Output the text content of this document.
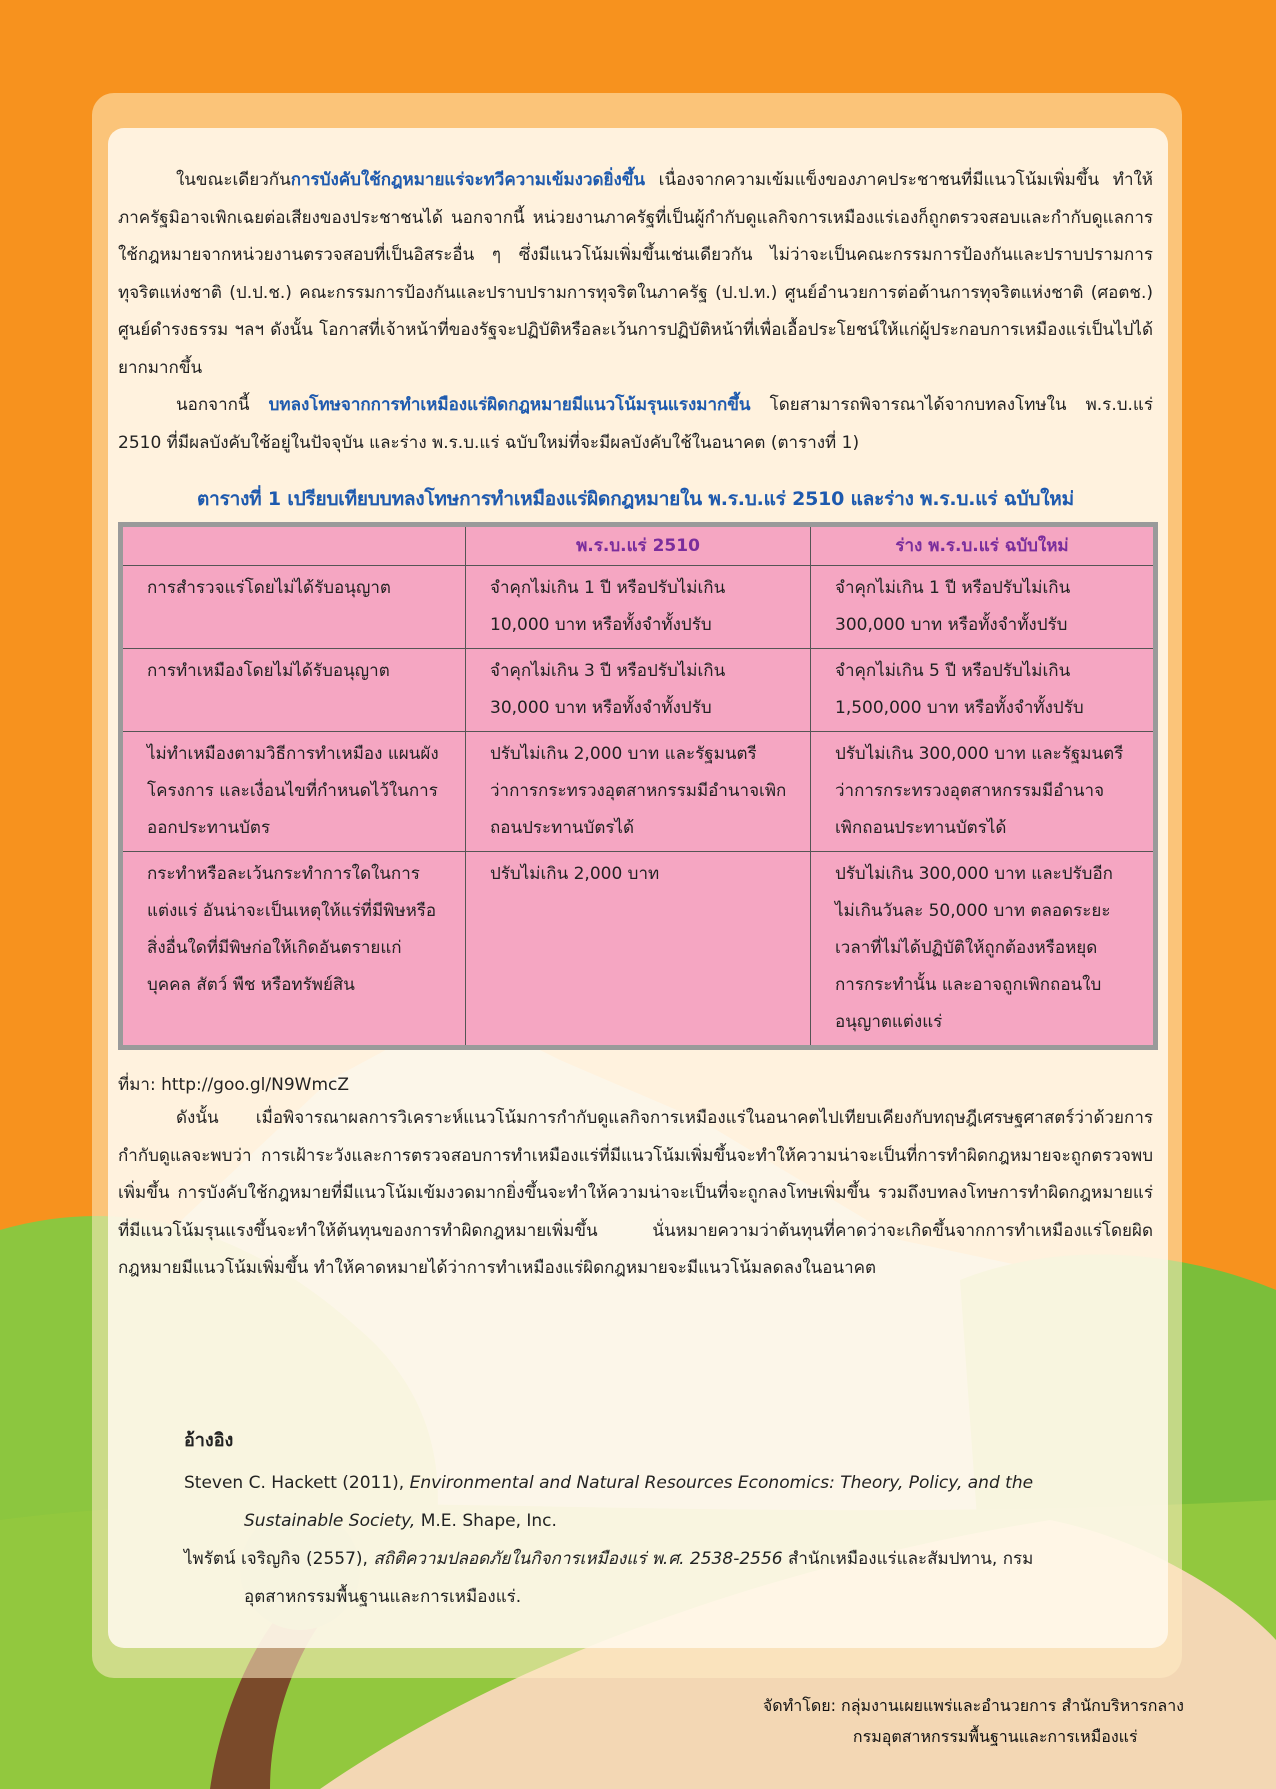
ในขณะเดียวกันการบังคับใช้กฎหมายแร่จะทวีความเข้มงวดยิ่งขึ้น เนื่องจากความเข้มแข็งของภาคประชาชนที่มีแนวโน้มเพิ่มขึ้น ทำให้ภาครัฐมิอาจเพิกเฉยต่อเสียงของประชาชนได้ นอกจากนี้ หน่วยงานภาครัฐที่เป็นผู้กำกับดูแลกิจการเหมืองแร่เองก็ถูกตรวจสอบและกำกับดูแลการใช้กฎหมายจากหน่วยงานตรวจสอบที่เป็นอิสระอื่น ๆ ซึ่งมีแนวโน้มเพิ่มขึ้นเช่นเดียวกัน ไม่ว่าจะเป็นคณะกรรมการป้องกันและปราบปรามการทุจริตแห่งชาติ (ป.ป.ช.) คณะกรรมการป้องกันและปราบปรามการทุจริตในภาครัฐ (ป.ป.ท.) ศูนย์อำนวยการต่อต้านการทุจริตแห่งชาติ (ศอตช.) ศูนย์ดำรงธรรม ฯลฯ ดังนั้น โอกาสที่เจ้าหน้าที่ของรัฐจะปฏิบัติหรือละเว้นการปฏิบัติหน้าที่เพื่อเอื้อประโยชน์ให้แก่ผู้ประกอบการเหมืองแร่เป็นไปได้ยากมากขึ้น

นอกจากนี้ บทลงโทษจากการทำเหมืองแร่ผิดกฎหมายมีแนวโน้มรุนแรงมากขึ้น โดยสามารถพิจารณาได้จากบทลงโทษใน พ.ร.บ.แร่ 2510 ที่มีผลบังคับใช้อยู่ในปัจจุบัน และร่าง พ.ร.บ.แร่ ฉบับใหม่ที่จะมีผลบังคับใช้ในอนาคต (ตารางที่ 1)

ตารางที่ 1 เปรียบเทียบบทลงโทษการทำเหมืองแร่ผิดกฎหมายใน พ.ร.บ.แร่ 2510 และร่าง พ.ร.บ.แร่ ฉบับใหม่
	พ.ร.บ.แร่ 2510	ร่าง พ.ร.บ.แร่ ฉบับใหม่
การสำรวจแร่โดยไม่ได้รับอนุญาต	จำคุกไม่เกิน 1 ปี หรือปรับไม่เกิน 10,000 บาท หรือทั้งจำทั้งปรับ	จำคุกไม่เกิน 1 ปี หรือปรับไม่เกิน 300,000 บาท หรือทั้งจำทั้งปรับ
การทำเหมืองโดยไม่ได้รับอนุญาต	จำคุกไม่เกิน 3 ปี หรือปรับไม่เกิน 30,000 บาท หรือทั้งจำทั้งปรับ	จำคุกไม่เกิน 5 ปี หรือปรับไม่เกิน 1,500,000 บาท หรือทั้งจำทั้งปรับ
ไม่ทำเหมืองตามวิธีการทำเหมือง แผนผังโครงการ และเงื่อนไขที่กำหนดไว้ในการออกประทานบัตร	ปรับไม่เกิน 2,000 บาท และรัฐมนตรีว่าการกระทรวงอุตสาหกรรมมีอำนาจเพิกถอนประทานบัตรได้	ปรับไม่เกิน 300,000 บาท และรัฐมนตรีว่าการกระทรวงอุตสาหกรรมมีอำนาจเพิกถอนประทานบัตรได้
กระทำหรือละเว้นกระทำการใดในการแต่งแร่ อันน่าจะเป็นเหตุให้แร่ที่มีพิษหรือสิ่งอื่นใดที่มีพิษก่อให้เกิดอันตรายแก่บุคคล สัตว์ พืช หรือทรัพย์สิน	ปรับไม่เกิน 2,000 บาท	ปรับไม่เกิน 300,000 บาท และปรับอีกไม่เกินวันละ 50,000 บาท ตลอดระยะเวลาที่ไม่ได้ปฏิบัติให้ถูกต้องหรือหยุดการกระทำนั้น และอาจถูกเพิกถอนใบอนุญาตแต่งแร่
ที่มา: http://goo.gl/N9WmcZ

ดังนั้น เมื่อพิจารณาผลการวิเคราะห์แนวโน้มการกำกับดูแลกิจการเหมืองแร่ในอนาคตไปเทียบเคียงกับทฤษฎีเศรษฐศาสตร์ว่าด้วยการกำกับดูแลจะพบว่า การเฝ้าระวังและการตรวจสอบการทำเหมืองแร่ที่มีแนวโน้มเพิ่มขึ้นจะทำให้ความน่าจะเป็นที่การทำผิดกฎหมายจะถูกตรวจพบเพิ่มขึ้น การบังคับใช้กฎหมายที่มีแนวโน้มเข้มงวดมากยิ่งขึ้นจะทำให้ความน่าจะเป็นที่จะถูกลงโทษเพิ่มขึ้น รวมถึงบทลงโทษการทำผิดกฎหมายแร่ที่มีแนวโน้มรุนแรงขึ้นจะทำให้ต้นทุนของการทำผิดกฎหมายเพิ่มขึ้น นั่นหมายความว่าต้นทุนที่คาดว่าจะเกิดขึ้นจากการทำเหมืองแร่โดยผิดกฎหมายมีแนวโน้มเพิ่มขึ้น ทำให้คาดหมายได้ว่าการทำเหมืองแร่ผิดกฎหมายจะมีแนวโน้มลดลงในอนาคต

อ้างอิง

Steven C. Hackett (2011), Environmental and Natural Resources Economics: Theory, Policy, and the Sustainable Society, M.E. Shape, Inc.

ไพรัตน์ เจริญกิจ (2557), สถิติความปลอดภัยในกิจการเหมืองแร่ พ.ศ. 2538-2556 สำนักเหมืองแร่และสัมปทาน, กรมอุตสาหกรรมพื้นฐานและการเหมืองแร่.

จัดทำโดย: กลุ่มงานเผยแพร่และอำนวยการ สำนักบริหารกลาง
กรมอุตสาหกรรมพื้นฐานและการเหมืองแร่
